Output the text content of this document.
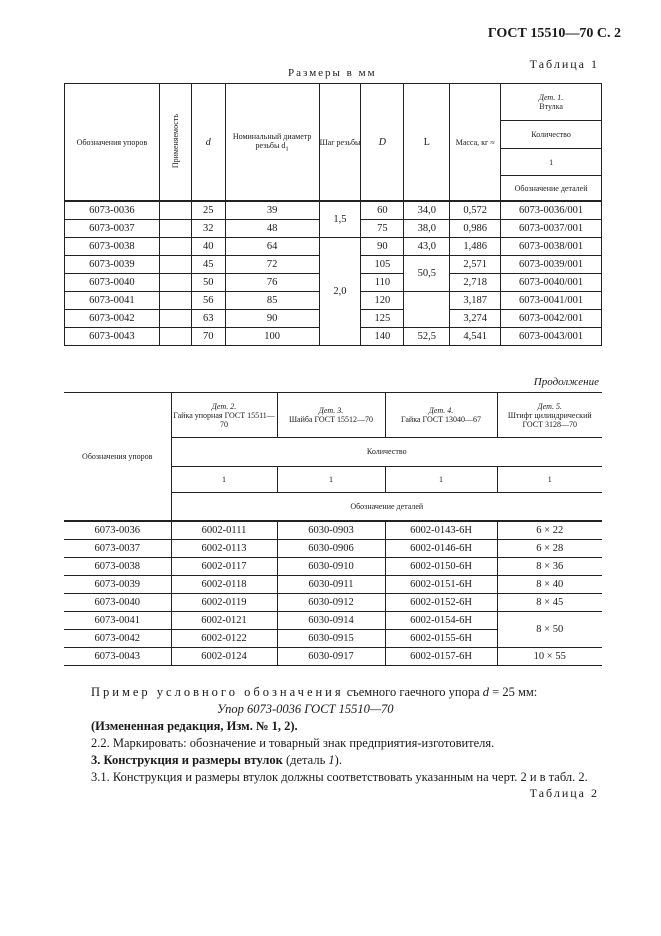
ГОСТ 15510—70 С. 2
Таблица 1
Размеры в мм
Обозначения упоров	Применяемость	d	Номинальный диаметр резьбы $d_1$	Шаг резьбы	D	L	Масса, кг ≈	Дет. 1.
Втулка
								Количество
								1
								Обозначение деталей
6073-0036		25	39	1,5	60	34,0	0,572	6073-0036/001
6073-0037		32	48		75	38,0	0,986	6073-0037/001
6073-0038		40	64	2,0	90	43,0	1,486	6073-0038/001
6073-0039		45	72		105	50,5	2,571	6073-0039/001
6073-0040		50	76		110		2,718	6073-0040/001
6073-0041		56	85		120		3,187	6073-0041/001
6073-0042		63	90		125		3,274	6073-0042/001
6073-0043		70	100		140	52,5	4,541	6073-0043/001
Продолжение
Обозначения упоров	Дет. 2.
Гайка упорная ГОСТ 15511—70	Дет. 3.
Шайба ГОСТ 15512—70	Дет. 4.
Гайка ГОСТ 13040—67	Дет. 5.
Штифт цилиндрический ГОСТ 3128—70
	Количество			
	1	1	1	1
	Обозначение деталей			
6073-0036	6002-0111	6030-0903	6002-0143-6H	6 × 22
6073-0037	6002-0113	6030-0906	6002-0146-6H	6 × 28
6073-0038	6002-0117	6030-0910	6002-0150-6H	8 × 36
6073-0039	6002-0118	6030-0911	6002-0151-6H	8 × 40
6073-0040	6002-0119	6030-0912	6002-0152-6H	8 × 45
6073-0041	6002-0121	6030-0914	6002-0154-6H	8 × 50
6073-0042	6002-0122	6030-0915	6002-0155-6H	
6073-0043	6002-0124	6030-0917	6002-0157-6H	10 × 55
Пример условного обозначения съемного гаечного упора d = 25 мм:
Упор 6073-0036 ГОСТ 15510—70
(Измененная редакция, Изм. № 1, 2).
2.2. Маркировать: обозначение и товарный знак предприятия-изготовителя.
3. Конструкция и размеры втулок (деталь 1).
3.1. Конструкция и размеры втулок должны соответствовать указанным на черт. 2 и в табл. 2.
Таблица 2
